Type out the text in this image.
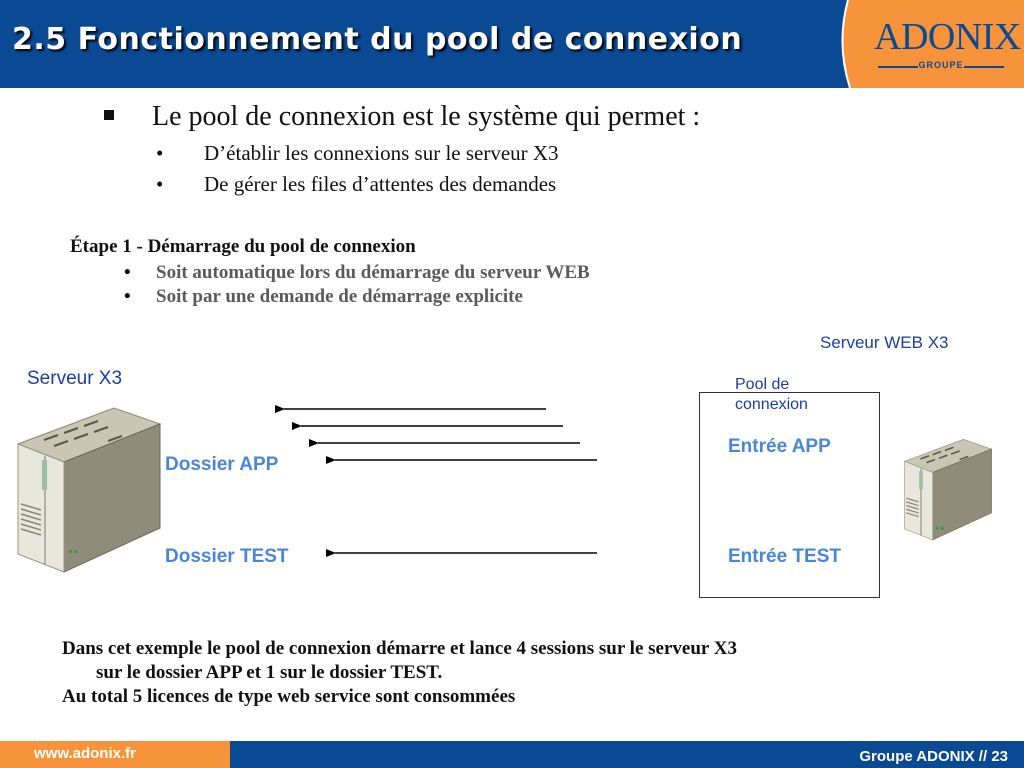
2.5 Fonctionnement du pool de connexion	ADONIX
GROUPE
Le pool de connexion est le système qui permet :
• D’établir les connexions sur le serveur X3
• De gérer les files d’attentes des demandes
Étape 1 - Démarrage du pool de connexion
• Soit automatique lors du démarrage du serveur WEB
• Soit par une demande de démarrage explicite
Serveur WEB X3
Serveur X3	Pool de
connexion
Dossier APP
Dossier TEST
Entrée APP
Entrée TEST
Dans cet exemple le pool de connexion démarre et lance 4 sessions sur le serveur X3
sur le dossier APP et 1 sur le dossier TEST.
Au total 5 licences de type web service sont consommées
www.adonix.fr	Groupe ADONIX // 23
